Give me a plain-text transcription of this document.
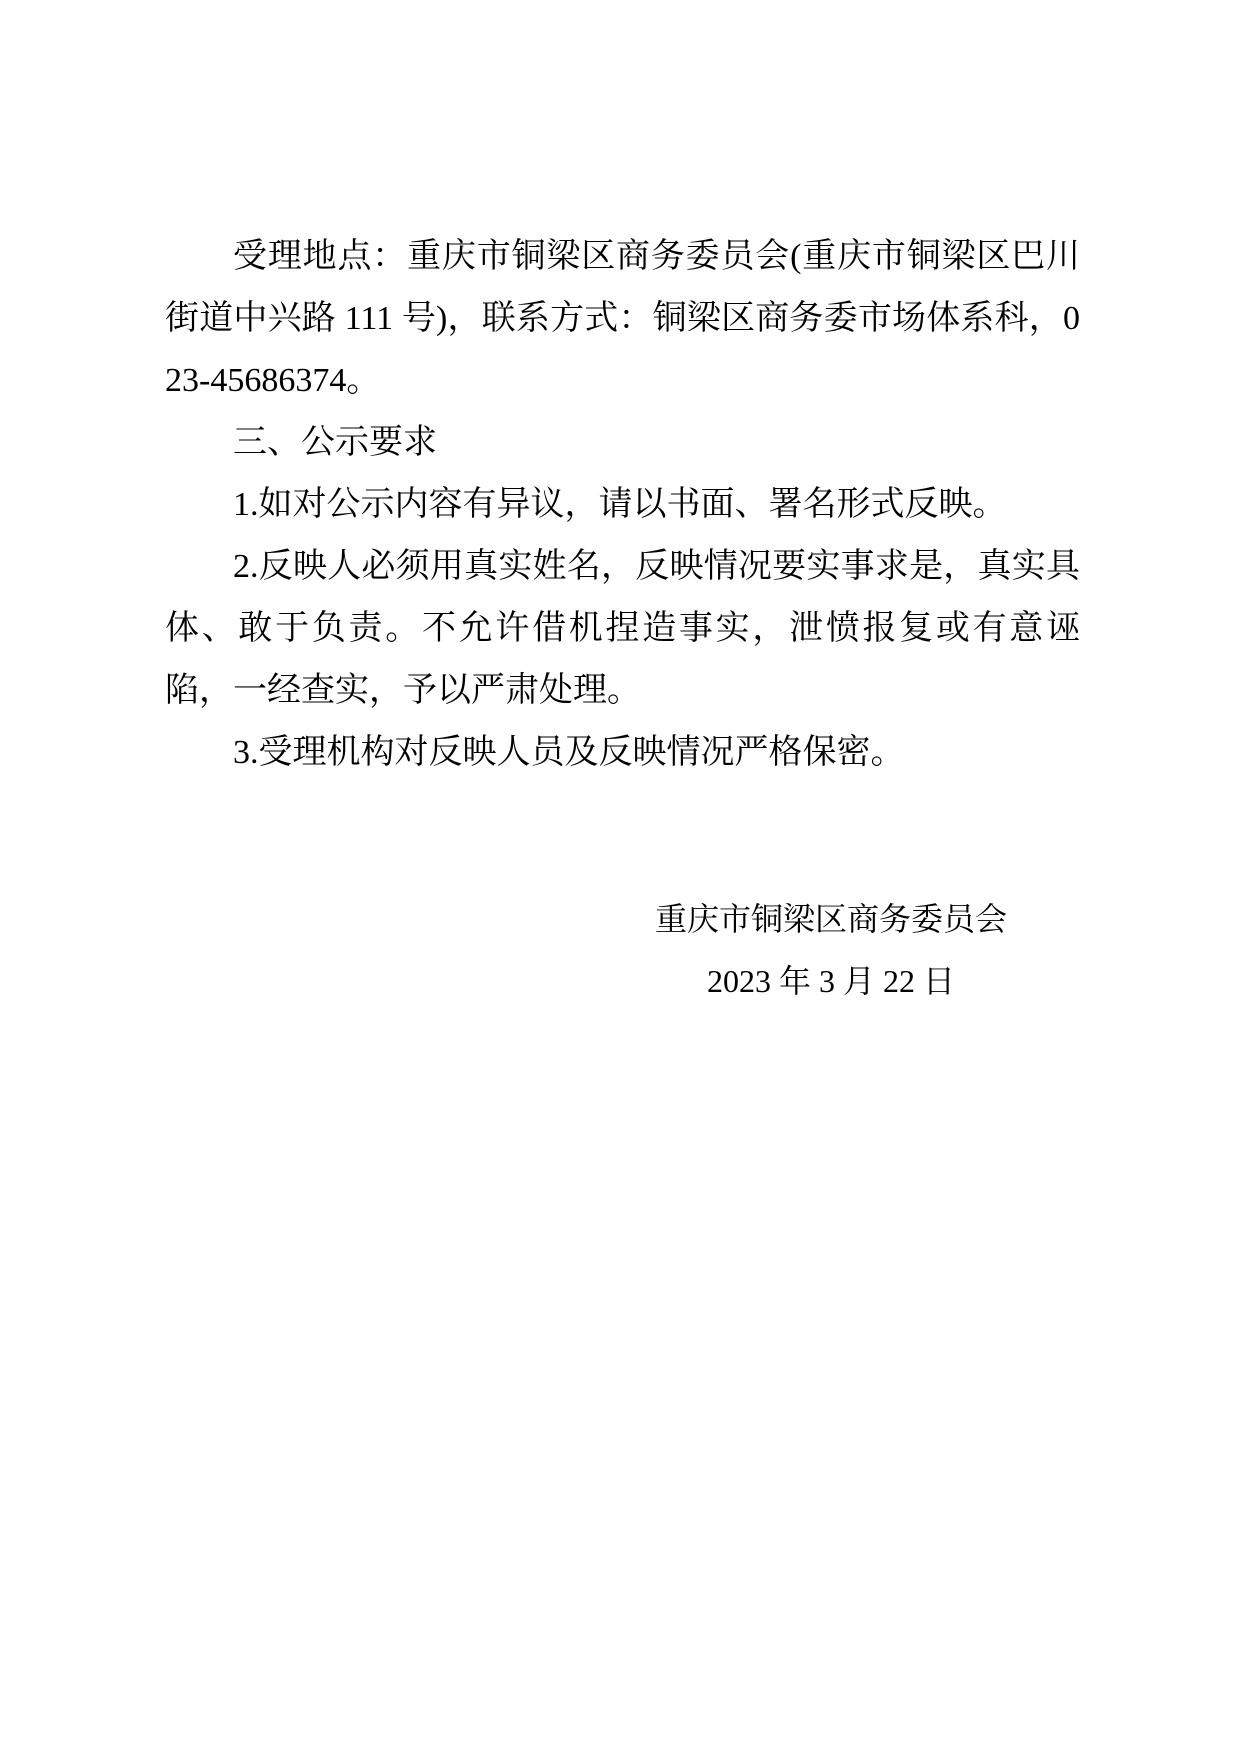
受理地点：重庆市铜梁区商务委员会(重庆市铜梁区巴川街道中兴路 111 号)，联系方式：铜梁区商务委市场体系科，023-45686374。

三、公示要求

1.如对公示内容有异议，请以书面、署名形式反映。

2.反映人必须用真实姓名，反映情况要实事求是，真实具体、敢于负责。不允许借机捏造事实，泄愤报复或有意诬陷，一经查实，予以严肃处理。

3.受理机构对反映人员及反映情况严格保密。

重庆市铜梁区商务委员会
2023 年 3 月 22 日
